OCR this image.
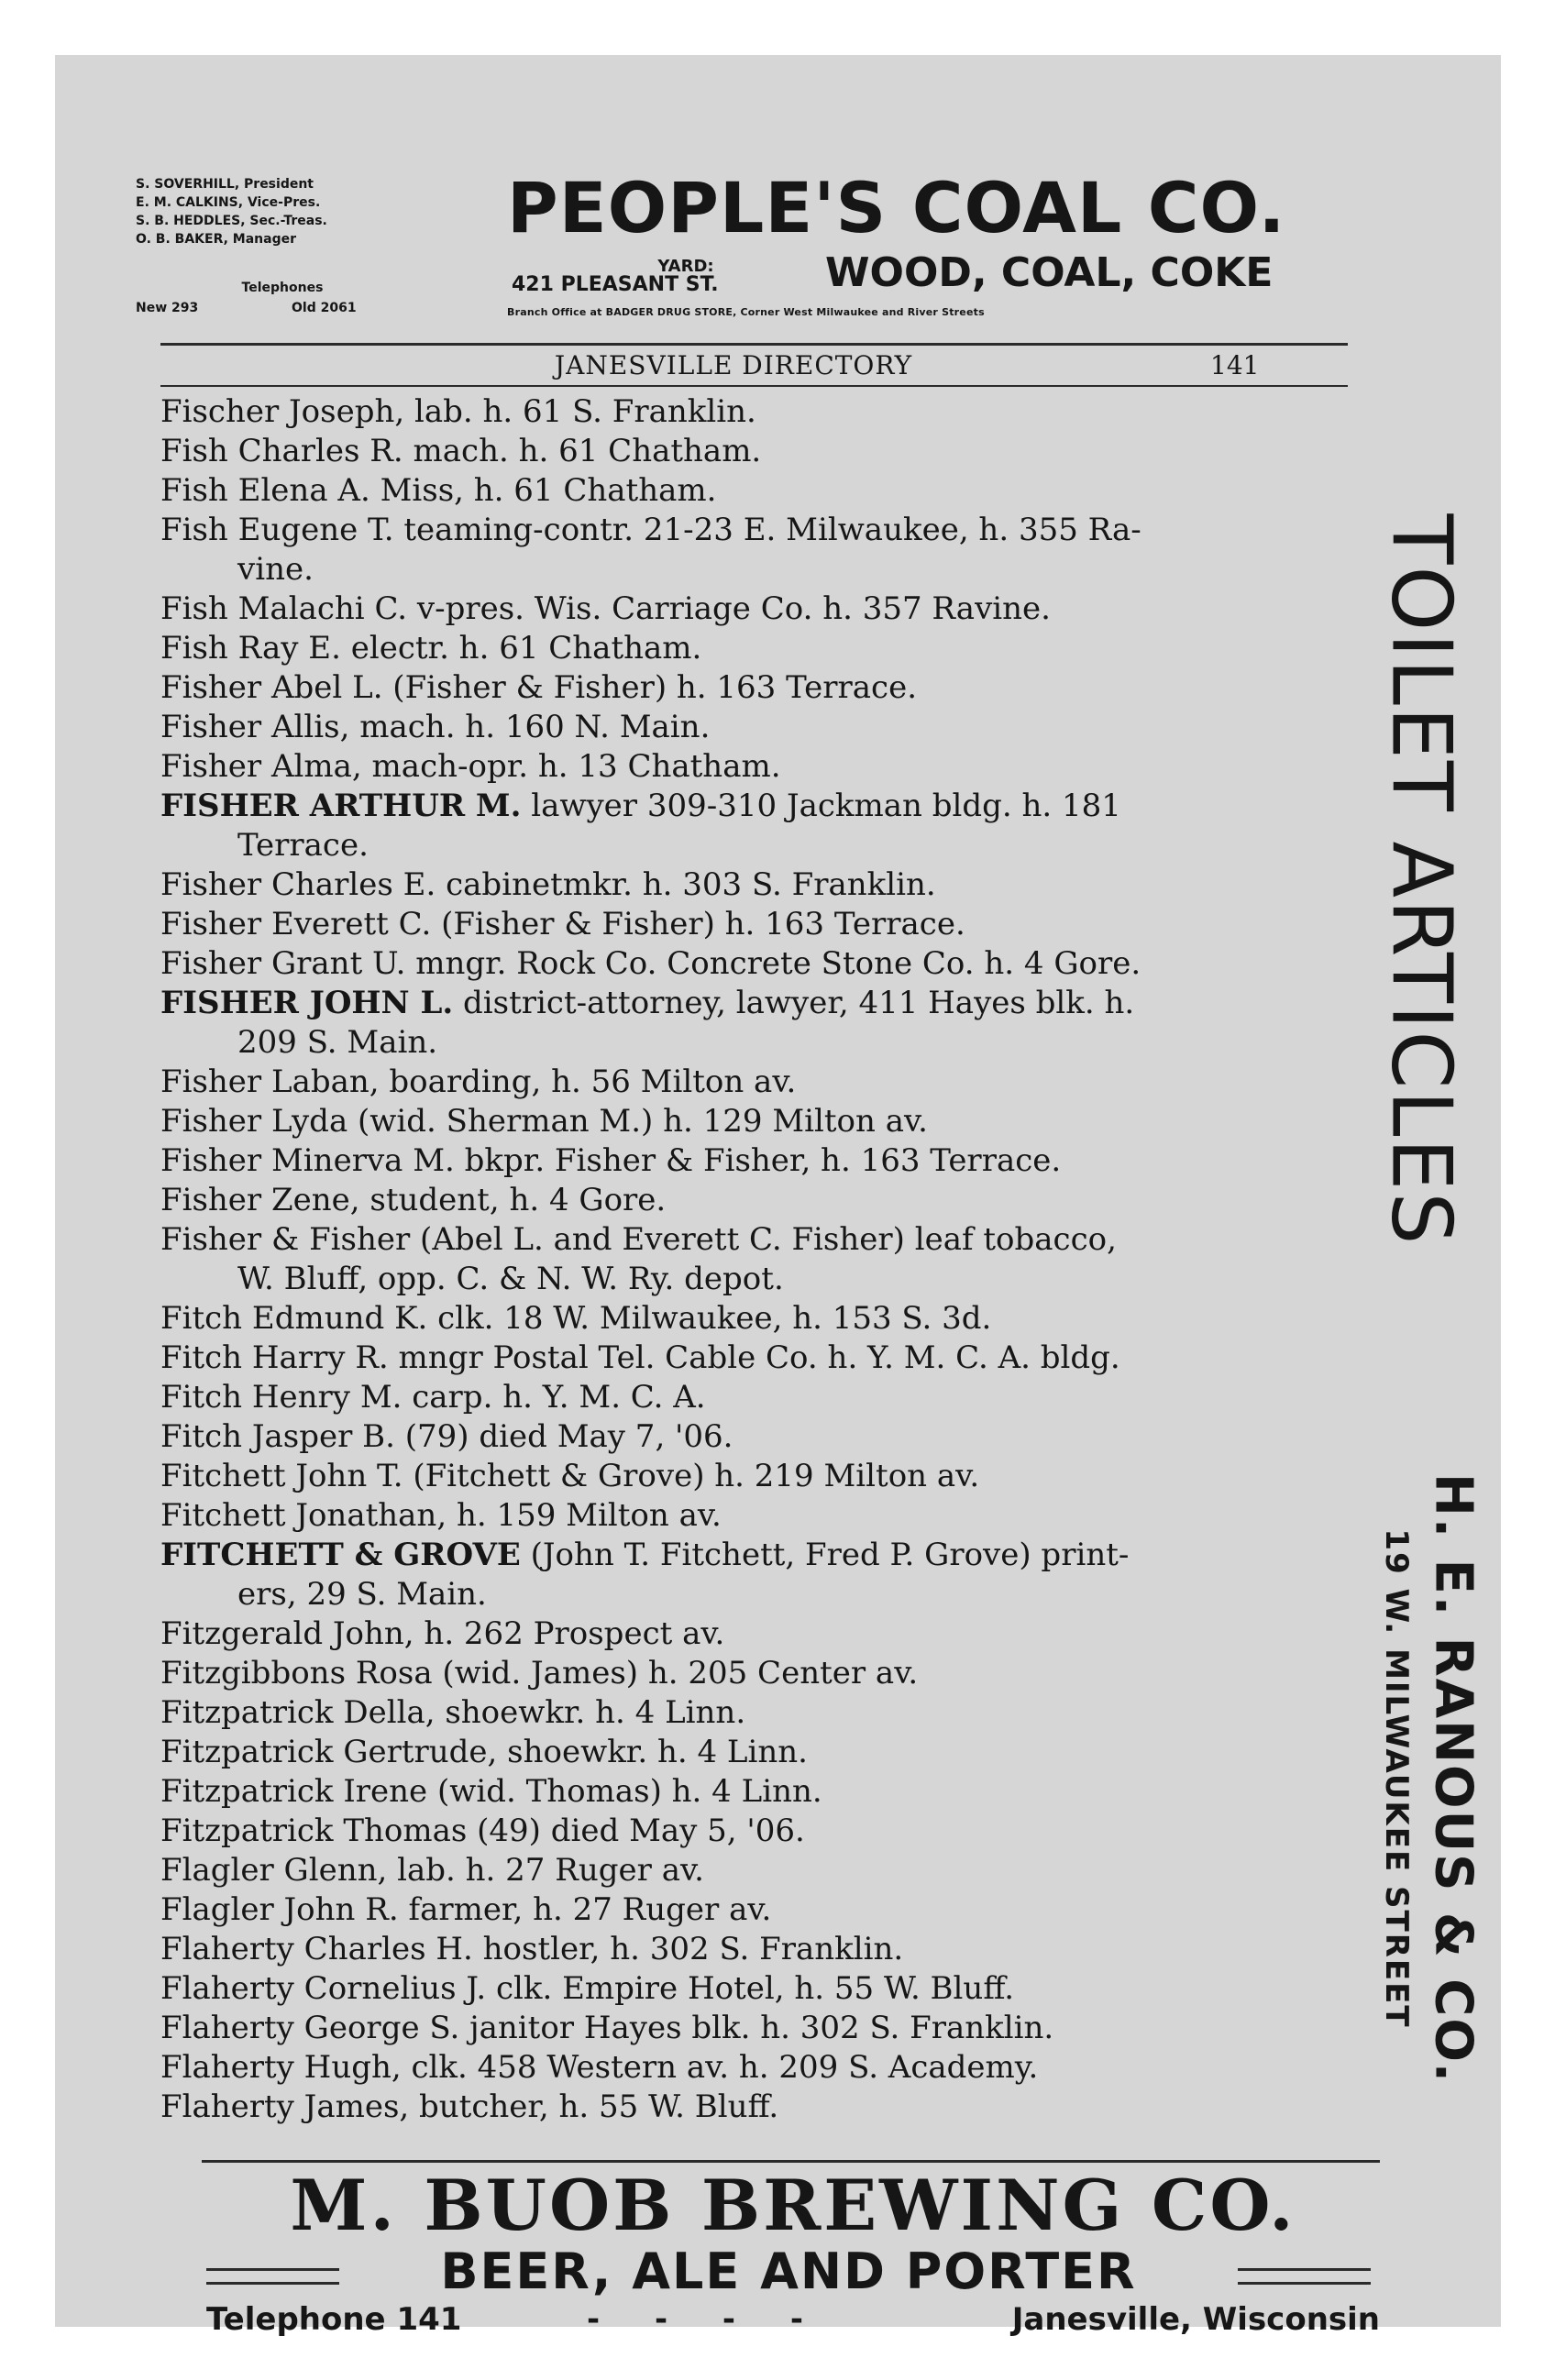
S. SOVERHILL, President
E. M. CALKINS, Vice-Pres.
S. B. HEDDLES, Sec.-Treas.
O. B. BAKER, Manager
Telephones
New 293	Old 2061
PEOPLE'S COAL CO.
YARD:
421 PLEASANT ST.	WOOD, COAL, COKE
Branch Office at BADGER DRUG STORE, Corner West Milwaukee and River Streets
JANESVILLE DIRECTORY	141
Fischer Joseph, lab. h. 61 S. Franklin.
Fish Charles R. mach. h. 61 Chatham.
Fish Elena A. Miss, h. 61 Chatham.
Fish Eugene T. teaming-contr. 21-23 E. Milwaukee, h. 355 Ra-
vine.
Fish Malachi C. v-pres. Wis. Carriage Co. h. 357 Ravine.
Fish Ray E. electr. h. 61 Chatham.
Fisher Abel L. (Fisher & Fisher) h. 163 Terrace.
Fisher Allis, mach. h. 160 N. Main.
Fisher Alma, mach-opr. h. 13 Chatham.
FISHER ARTHUR M. lawyer 309-310 Jackman bldg. h. 181
Terrace.
Fisher Charles E. cabinetmkr. h. 303 S. Franklin.
Fisher Everett C. (Fisher & Fisher) h. 163 Terrace.
Fisher Grant U. mngr. Rock Co. Concrete Stone Co. h. 4 Gore.
FISHER JOHN L. district-attorney, lawyer, 411 Hayes blk. h.
209 S. Main.
Fisher Laban, boarding, h. 56 Milton av.
Fisher Lyda (wid. Sherman M.) h. 129 Milton av.
Fisher Minerva M. bkpr. Fisher & Fisher, h. 163 Terrace.
Fisher Zene, student, h. 4 Gore.
Fisher & Fisher (Abel L. and Everett C. Fisher) leaf tobacco,
W. Bluff, opp. C. & N. W. Ry. depot.
Fitch Edmund K. clk. 18 W. Milwaukee, h. 153 S. 3d.
Fitch Harry R. mngr Postal Tel. Cable Co. h. Y. M. C. A. bldg.
Fitch Henry M. carp. h. Y. M. C. A.
Fitch Jasper B. (79) died May 7, '06.
Fitchett John T. (Fitchett & Grove) h. 219 Milton av.
Fitchett Jonathan, h. 159 Milton av.
FITCHETT & GROVE (John T. Fitchett, Fred P. Grove) print-
ers, 29 S. Main.
Fitzgerald John, h. 262 Prospect av.
Fitzgibbons Rosa (wid. James) h. 205 Center av.
Fitzpatrick Della, shoewkr. h. 4 Linn.
Fitzpatrick Gertrude, shoewkr. h. 4 Linn.
Fitzpatrick Irene (wid. Thomas) h. 4 Linn.
Fitzpatrick Thomas (49) died May 5, '06.
Flagler Glenn, lab. h. 27 Ruger av.
Flagler John R. farmer, h. 27 Ruger av.
Flaherty Charles H. hostler, h. 302 S. Franklin.
Flaherty Cornelius J. clk. Empire Hotel, h. 55 W. Bluff.
Flaherty George S. janitor Hayes blk. h. 302 S. Franklin.
Flaherty Hugh, clk. 458 Western av. h. 209 S. Academy.
Flaherty James, butcher, h. 55 W. Bluff.
TOILET ARTICLES
H. E. RANOUS & CO.
19 W. MILWAUKEE STREET
M. BUOB BREWING CO.
BEER, ALE AND PORTER
Telephone 141	- - - -	Janesville, Wisconsin
